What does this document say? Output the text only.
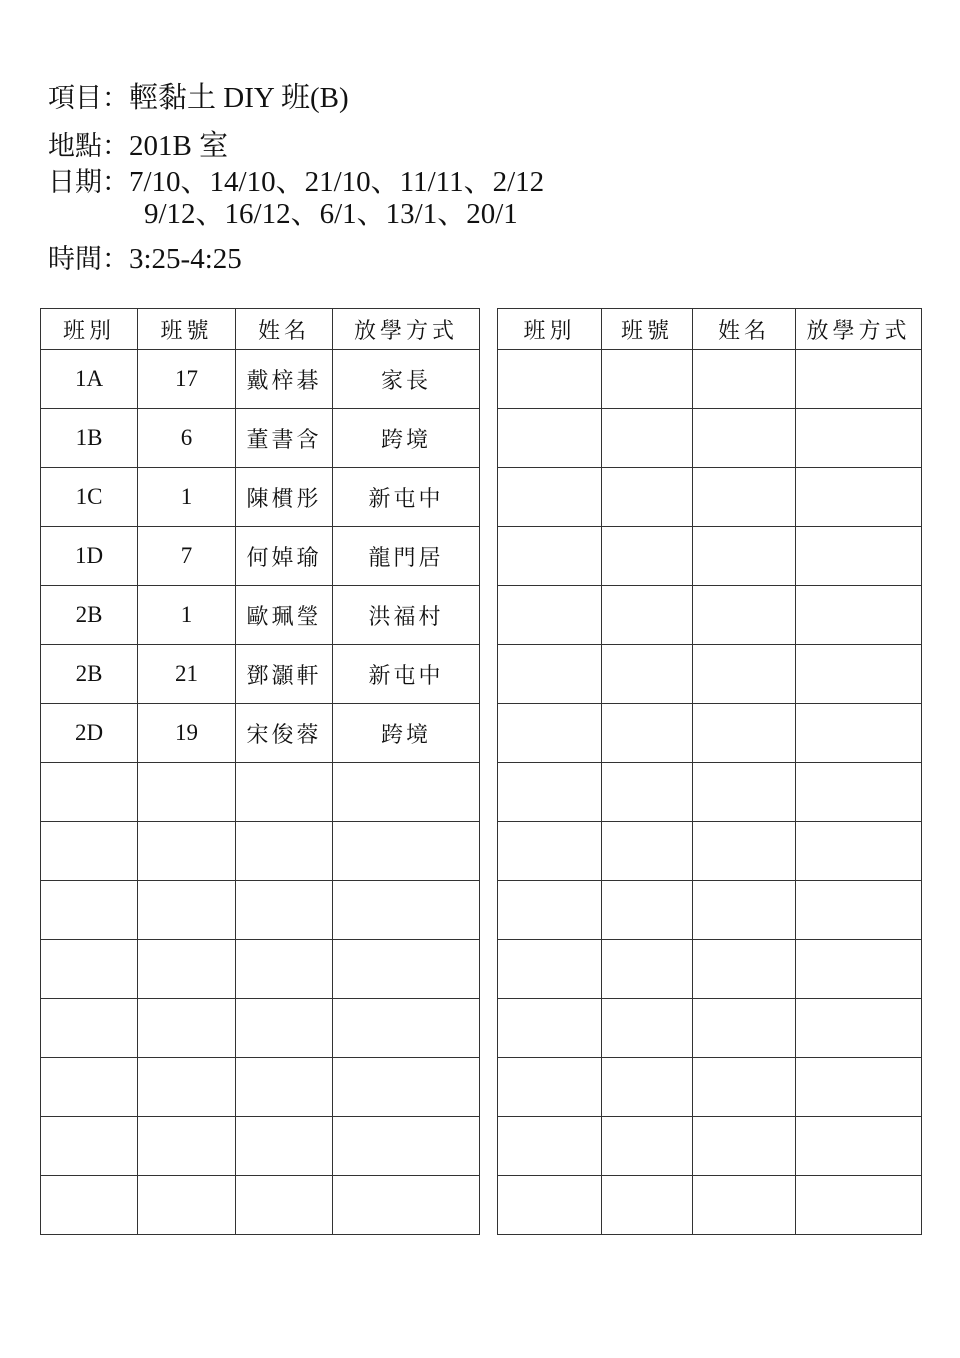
項目：輕黏土 DIY 班(B)
地點：201B 室
日期：7/10、14/10、21/10、11/11、2/12
9/12、16/12、6/1、13/1、20/1
時間：3:25-4:25
班別	班號	姓名	放學方式
1A	17	戴梓碁	家長
1B	6	董書含	跨境
1C	1	陳樌彤	新屯中
1D	7	何婥瑜	龍門居
2B	1	歐珮瑩	洪福村
2B	21	鄧灝軒	新屯中
2D	19	宋俊蓉	跨境

班別	班號	姓名	放學方式
